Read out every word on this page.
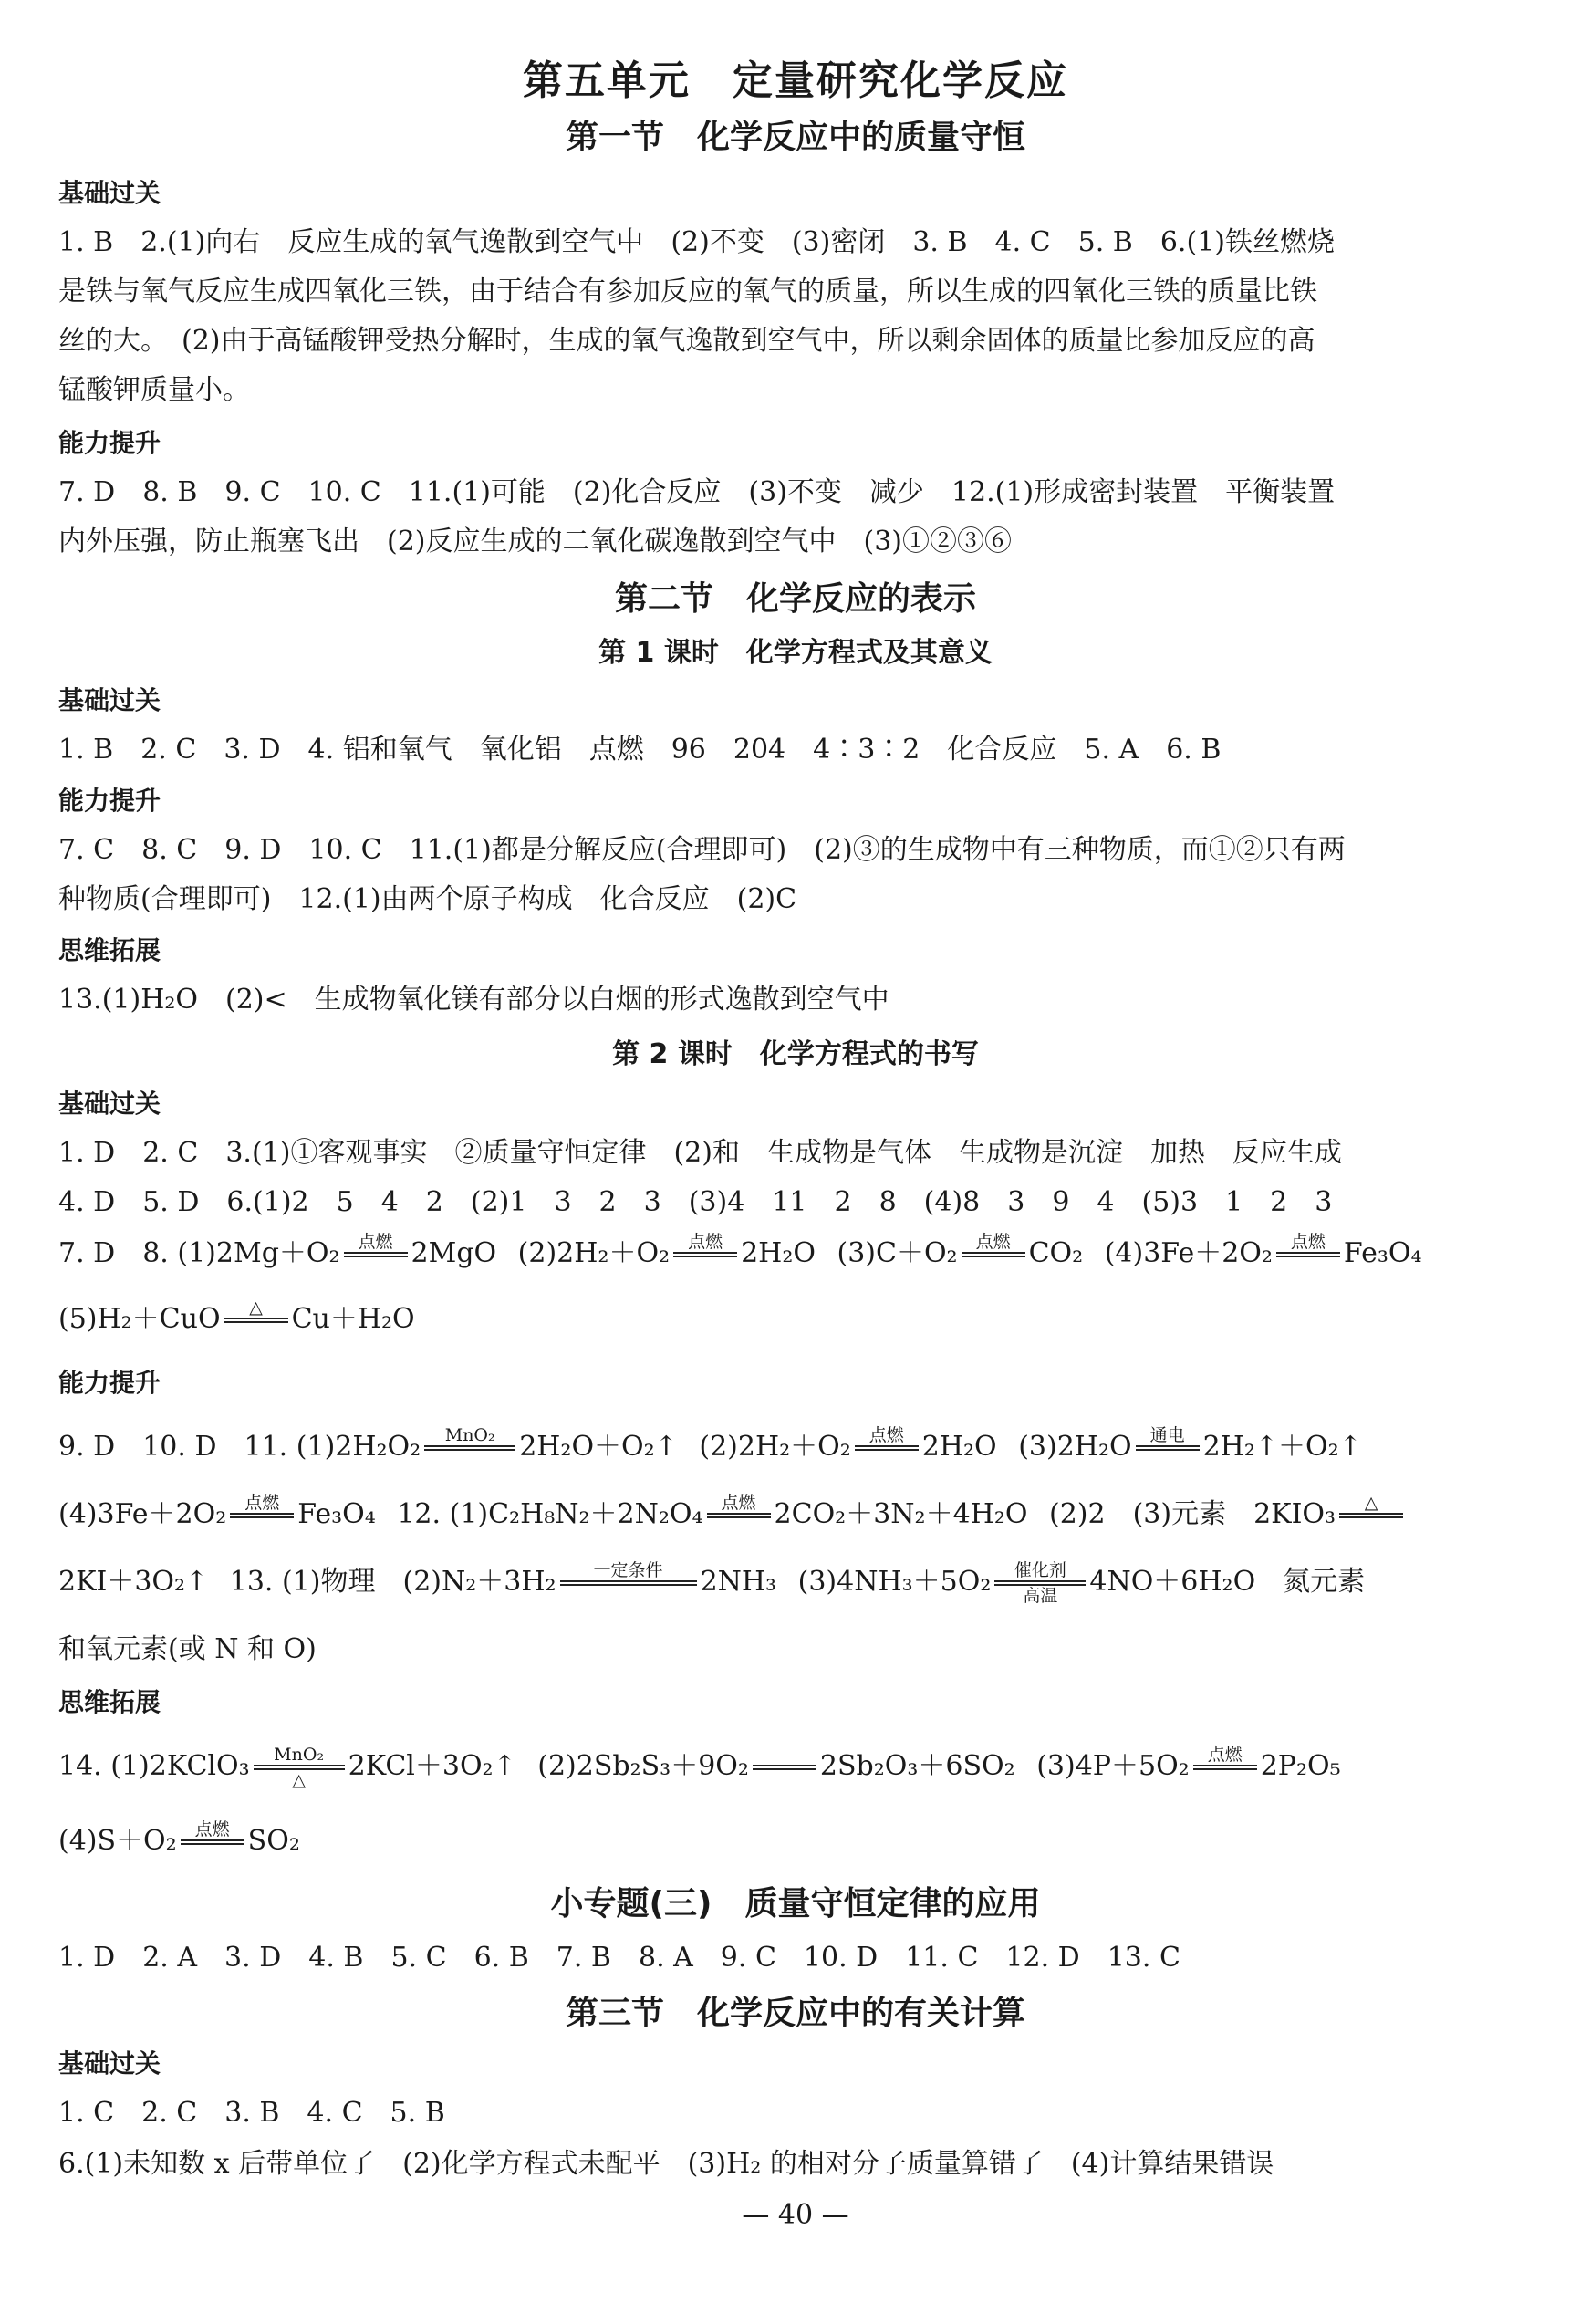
第五单元　定量研究化学反应
第一节　化学反应中的质量守恒
基础过关
1. B　2.(1)向右　反应生成的氧气逸散到空气中　(2)不变　(3)密闭　3. B　4. C　5. B　6.(1)铁丝燃烧
是铁与氧气反应生成四氧化三铁，由于结合有参加反应的氧气的质量，所以生成的四氧化三铁的质量比铁
丝的大。　(2)由于高锰酸钾受热分解时，生成的氧气逸散到空气中，所以剩余固体的质量比参加反应的高
锰酸钾质量小。
能力提升
7. D　8. B　9. C　10. C　11.(1)可能　(2)化合反应　(3)不变　减少　12.(1)形成密封装置　平衡装置
内外压强，防止瓶塞飞出　(2)反应生成的二氧化碳逸散到空气中　(3)①②③⑥
第二节　化学反应的表示
第 1 课时　化学方程式及其意义
基础过关
1. B　2. C　3. D　4. 铝和氧气　氧化铝　点燃　96　204　4∶3∶2　化合反应　5. A　6. B
能力提升
7. C　8. C　9. D　10. C　11.(1)都是分解反应(合理即可)　(2)③的生成物中有三种物质，而①②只有两
种物质(合理即可)　12.(1)由两个原子构成　化合反应　(2)C
思维拓展
13.(1)H₂O　(2)<　生成物氧化镁有部分以白烟的形式逸散到空气中
第 2 课时　化学方程式的书写
基础过关
1. D　2. C　3.(1)①客观事实　②质量守恒定律　(2)和　生成物是气体　生成物是沉淀　加热　反应生成
4. D　5. D　6.(1)2　5　4　2　(2)1　3　2　3　(3)4　11　2　8　(4)8　3　9　4　(5)3　1　2　3
7. D　8. (1)2Mg＋O₂ 点燃 2MgO (2)2H₂＋O₂ 点燃 2H₂O (3)C＋O₂ 点燃 CO₂ (4)3Fe＋2O₂ 点燃 Fe₃O₄
(5)H₂＋CuO △ Cu＋H₂O
能力提升
9. D　10. D　11. (1)2H₂O₂ MnO₂ 2H₂O＋O₂↑ (2)2H₂＋O₂ 点燃 2H₂O (3)2H₂O 通电 2H₂↑＋O₂↑
(4)3Fe＋2O₂ 点燃 Fe₃O₄ 12. (1)C₂H₈N₂＋2N₂O₄ 点燃 2CO₂＋3N₂＋4H₂O (2)2　(3)元素　2KIO₃ △
2KI＋3O₂↑ 13. (1)物理　(2)N₂＋3H₂ 一定条件 2NH₃ (3)4NH₃＋5O₂ 催化剂
高温 4NO＋6H₂O　氮元素
和氧元素(或 N 和 O)
思维拓展
14. (1)2KClO₃ MnO₂
△ 2KCl＋3O₂↑ (2)2Sb₂S₃＋9O₂	2Sb₂O₃＋6SO₂ (3)4P＋5O₂ 点燃 2P₂O₅
(4)S＋O₂ 点燃 SO₂
小专题(三)　质量守恒定律的应用
1. D　2. A　3. D　4. B　5. C　6. B　7. B　8. A　9. C　10. D　11. C　12. D　13. C
第三节　化学反应中的有关计算
基础过关
1. C　2. C　3. B　4. C　5. B
6.(1)未知数 x 后带单位了　(2)化学方程式未配平　(3)H₂ 的相对分子质量算错了　(4)计算结果错误
— 40 —
